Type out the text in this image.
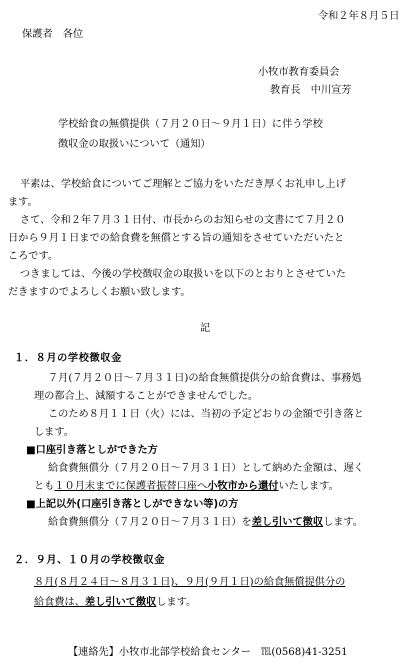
令和２年８月５日
保護者　各位
小牧市教育委員会
教育長　中川宣芳
学校給食の無償提供（７月２０日～９月１日）に伴う学校
徴収金の取扱いについて（通知）
平素は、学校給食についてご理解とご協力をいただき厚くお礼申し上げ
ます。
さて、令和２年７月３１日付、市長からのお知らせの文書にて７月２０
日から９月１日までの給食費を無償とする旨の通知をさせていただいたと
ころです。
つきましては、今後の学校徴収金の取扱いを以下のとおりとさせていた
だきますのでよろしくお願い致します。
記
１．８月の学校徴収金
７月(７月２０日～７月３１日)の給食無償提供分の給食費は、事務処
理の都合上、減額することができませんでした。
このため８月１１日（火）には、当初の予定どおりの金額で引き落と
します。
■口座引き落としができた方
給食費無償分（７月２０日～７月３１日）として納めた金額は、遅く
とも１０月末までに保護者振替口座へ小牧市から還付いたします。
■上記以外(口座引き落としができない等)の方
給食費無償分（７月２０日～７月３１日）を差し引いて徴収します。
２．９月、１０月の学校徴収金
８月(８月２４日～８月３１日)、９月(９月１日)の給食無償提供分の
給食費は、差し引いて徴収します。
【連絡先】小牧市北部学校給食センター　℡(0568)41-3251
